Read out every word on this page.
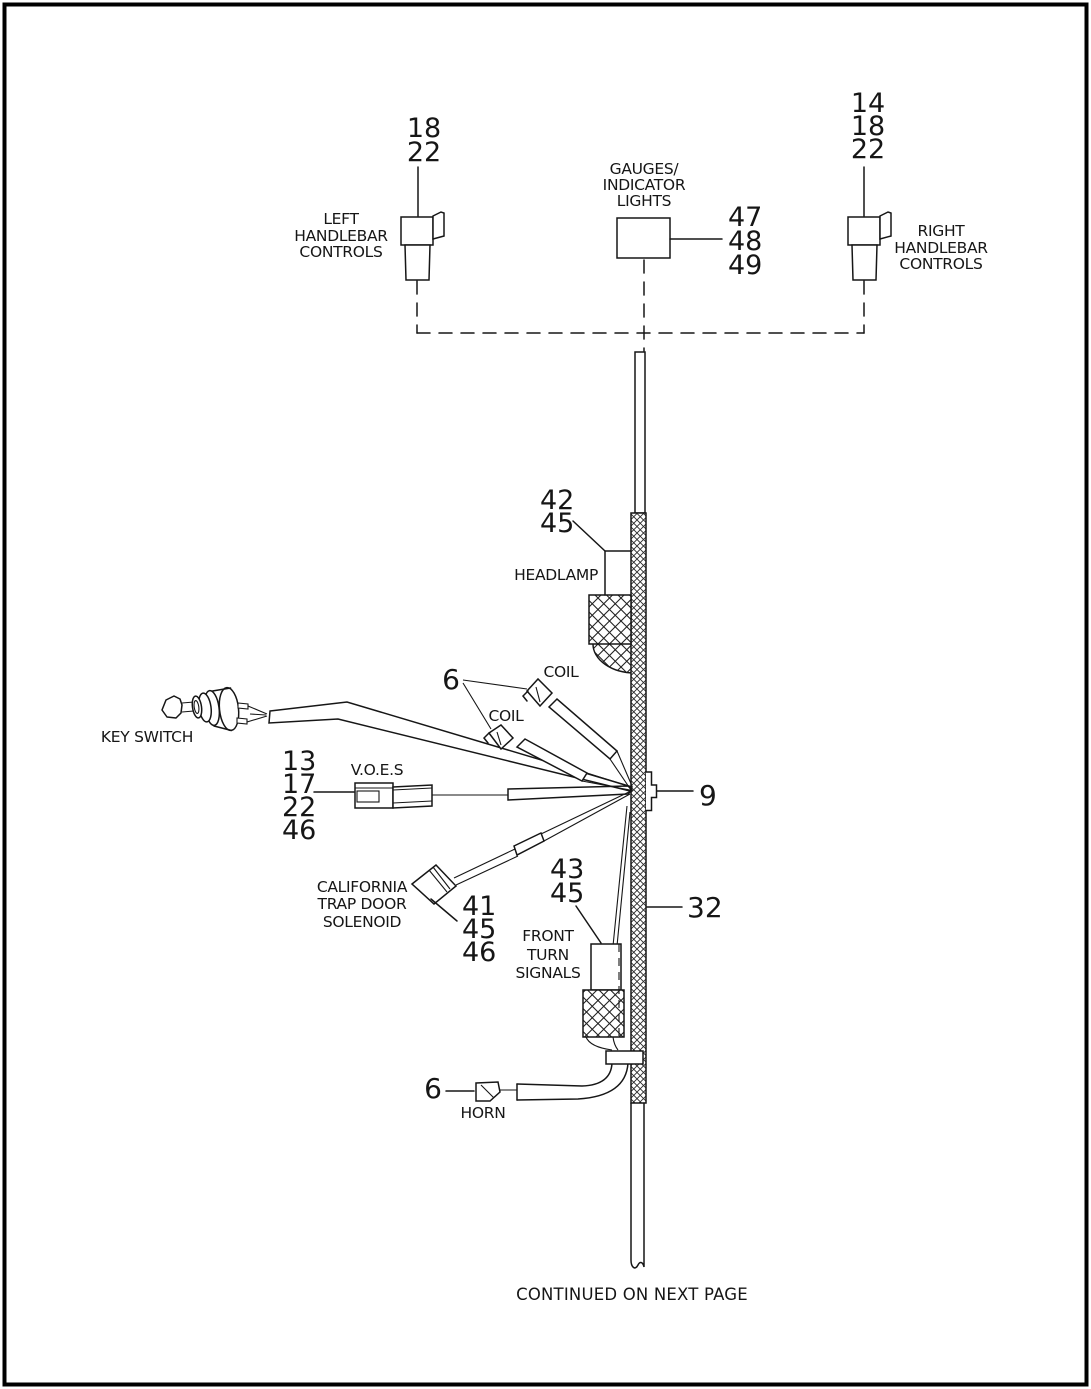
18
22
LEFT
HANDLEBAR
CONTROLS
GAUGES/
INDICATOR
LIGHTS
47
48
49
14
18
22
RIGHT
HANDLEBAR
CONTROLS
42
45
HEADLAMP
KEY SWITCH
6	COIL
COIL
13
17
22
46
V.O.E.S
CALIFORNIA
TRAP DOOR
SOLENOID 41
45
46
43
45
FRONT
TURN
SIGNALS
6
HORN
9
32
CONTINUED ON NEXT PAGE
